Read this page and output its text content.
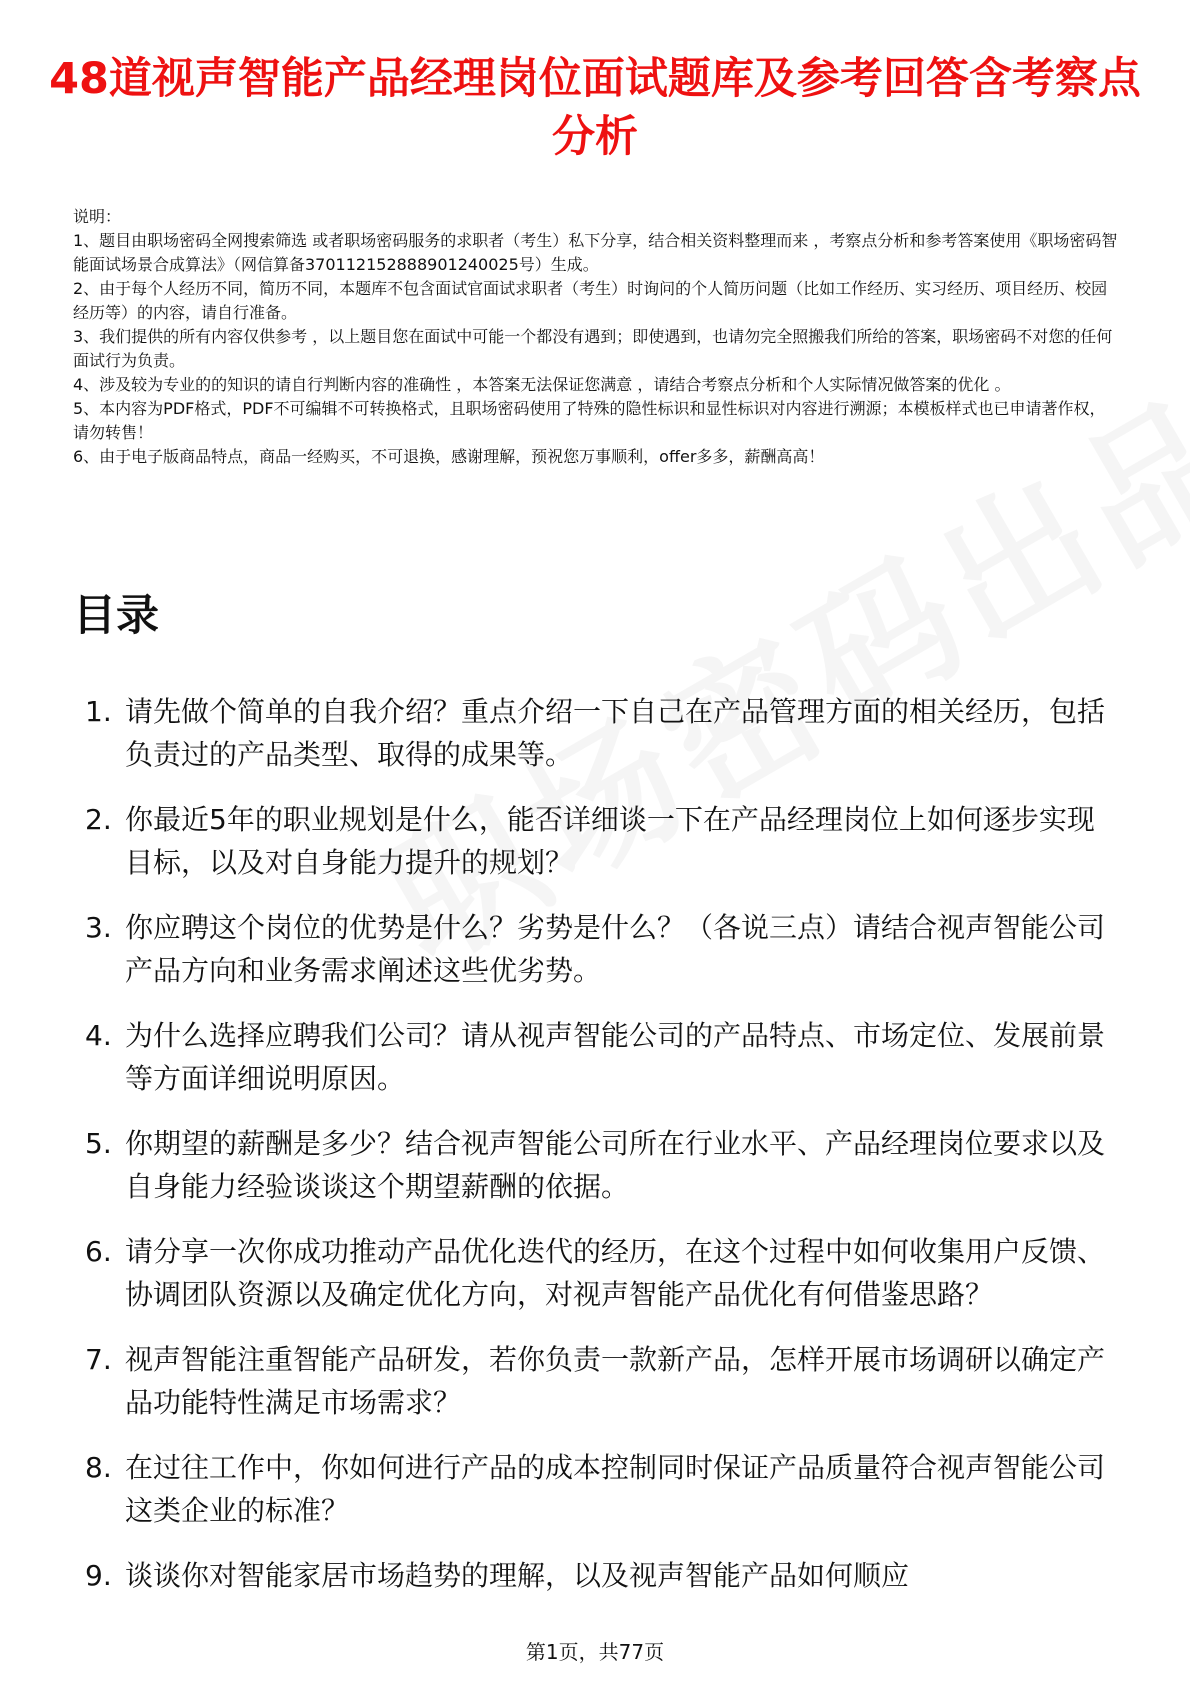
48道视声智能产品经理岗位面试题库及参考回答含考察点分析
说明：
1、题目由职场密码全网搜索筛选 或者职场密码服务的求职者（考生）私下分享，结合相关资料整理而来 ，考察点分析和参考答案使用《职场密码智能面试场景合成算法》（网信算备370112152888901240025号）生成。
2、由于每个人经历不同，简历不同，本题库不包含面试官面试求职者（考生）时询问的个人简历问题（比如工作经历、实习经历、项目经历、校园经历等）的内容，请自行准备。
3、我们提供的所有内容仅供参考 ，以上题目您在面试中可能一个都没有遇到；即使遇到，也请勿完全照搬我们所给的答案，职场密码不对您的任何面试行为负责。
4、涉及较为专业的的知识的请自行判断内容的准确性 ，本答案无法保证您满意 ，请结合考察点分析和个人实际情况做答案的优化 。
5、本内容为PDF格式，PDF不可编辑不可转换格式，且职场密码使用了特殊的隐性标识和显性标识对内容进行溯源；本模板样式也已申请著作权，请勿转售！
6、由于电子版商品特点，商品一经购买，不可退换，感谢理解，预祝您万事顺利，offer多多，薪酬高高！
目录
1. 请先做个简单的自我介绍？重点介绍一下自己在产品管理方面的相关经历，包括负责过的产品类型、取得的成果等。
2. 你最近5年的职业规划是什么，能否详细谈一下在产品经理岗位上如何逐步实现目标，以及对自身能力提升的规划？
3. 你应聘这个岗位的优势是什么？劣势是什么？（各说三点）请结合视声智能公司产品方向和业务需求阐述这些优劣势。
4. 为什么选择应聘我们公司？请从视声智能公司的产品特点、市场定位、发展前景等方面详细说明原因。
5. 你期望的薪酬是多少？结合视声智能公司所在行业水平、产品经理岗位要求以及自身能力经验谈谈这个期望薪酬的依据。
6. 请分享一次你成功推动产品优化迭代的经历，在这个过程中如何收集用户反馈、协调团队资源以及确定优化方向，对视声智能产品优化有何借鉴思路？
7. 视声智能注重智能产品研发，若你负责一款新产品，怎样开展市场调研以确定产品功能特性满足市场需求？
8. 在过往工作中，你如何进行产品的成本控制同时保证产品质量符合视声智能公司这类企业的标准？
9. 谈谈你对智能家居市场趋势的理解，以及视声智能产品如何顺应
第1页，共77页
